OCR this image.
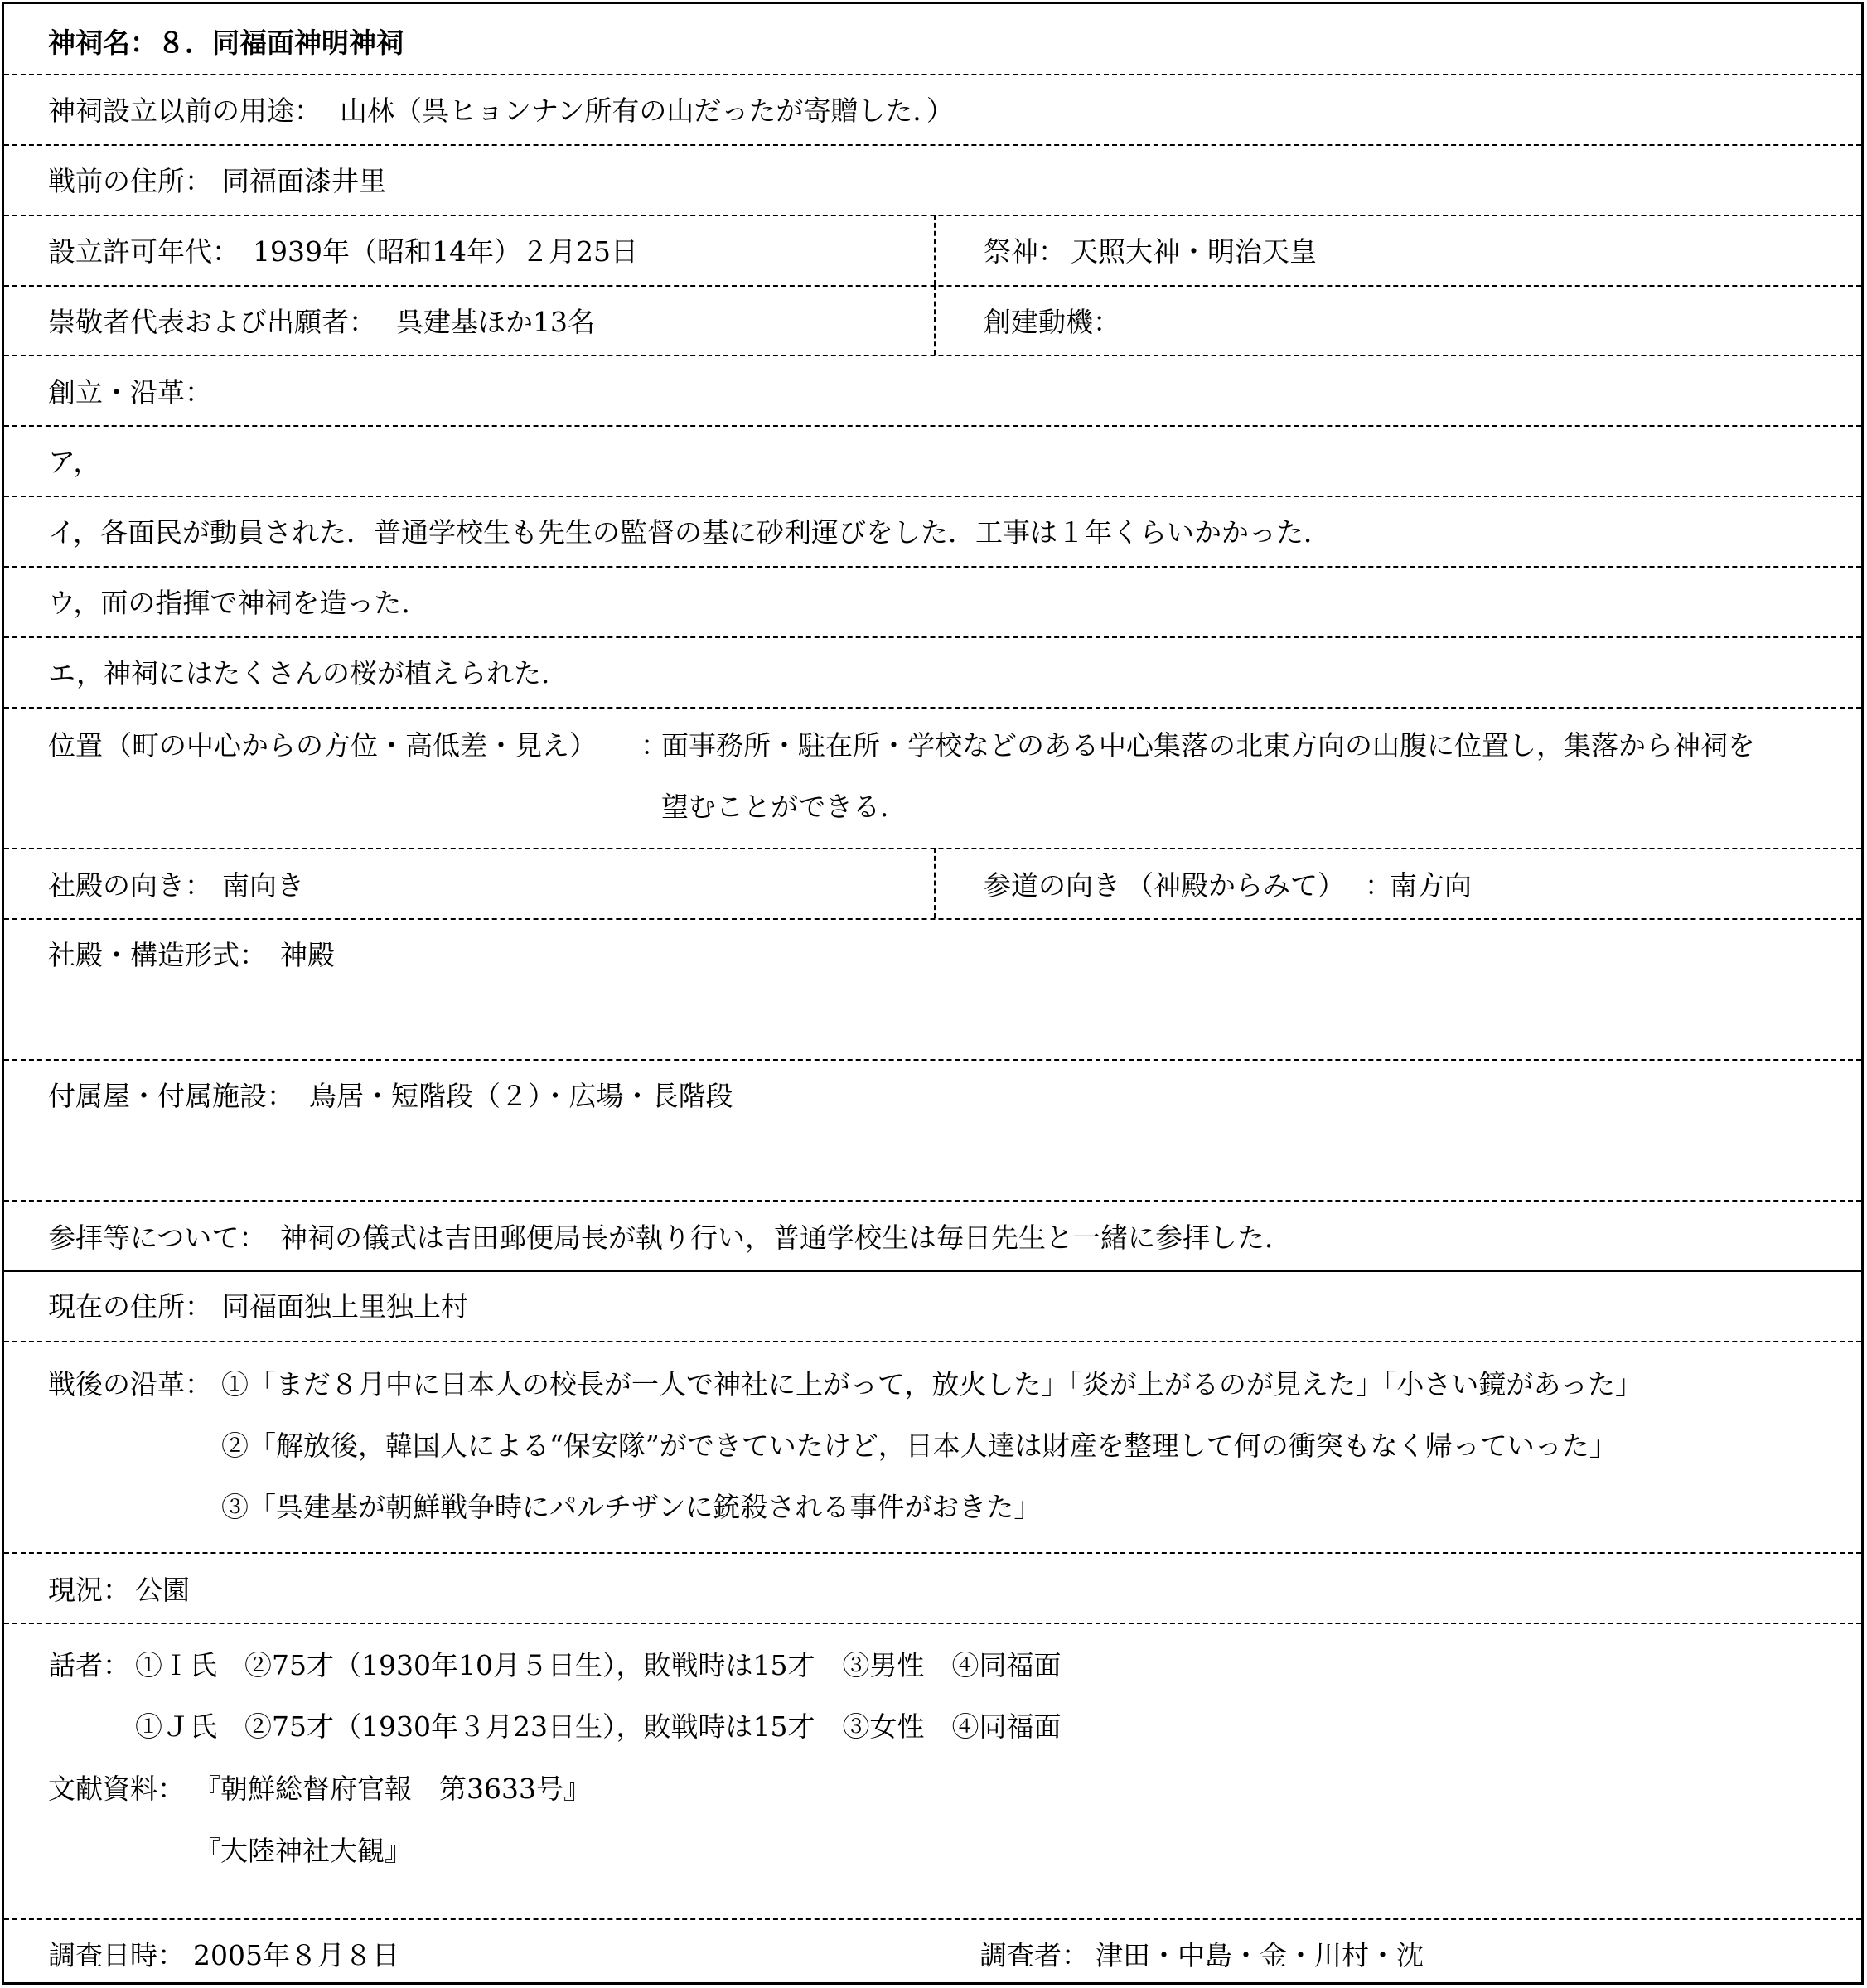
神祠名： ８．同福面神明神祠
神祠設立以前の用途： 山林（呉ヒョンナン所有の山だったが寄贈した．）
戦前の住所： 同福面漆井里
設立許可年代： 1939年（昭和14年）２月25日	祭神： 天照大神・明治天皇
崇敬者代表および出願者： 呉建基ほか13名	創建動機：
創立・沿革：
ア，
イ，各面民が動員された．普通学校生も先生の監督の基に砂利運びをした．工事は１年くらいかかった．
ウ，面の指揮で神祠を造った．
エ，神祠にはたくさんの桜が植えられた．
位置 （町の中心からの方位・高低差・見え） ：
面事務所・駐在所・学校などのある中心集落の北東方向の山腹に位置し，集落から神祠を
望むことができる．
社殿の向き： 南向き	参道の向き （神殿からみて） ：
南方向
社殿・構造形式： 神殿
付属屋・付属施設： 鳥居・短階段（２）・広場・長階段
参拝等について： 神祠の儀式は吉田郵便局長が執り行い，普通学校生は毎日先生と一緒に参拝した．
現在の住所： 同福面独上里独上村
戦後の沿革： ①「まだ８月中に日本人の校長が一人で神社に上がって，放火した」「炎が上がるのが見えた」「小さい鏡があった」
②「解放後，韓国人による“保安隊”ができていたけど，日本人達は財産を整理して何の衝突もなく帰っていった」
③「呉建基が朝鮮戦争時にパルチザンに銃殺される事件がおきた」
現況： 公園
話者： ①Ｉ氏　②75才（1930年10月５日生），敗戦時は15才　③男性　④同福面
①Ｊ氏　②75才（1930年３月23日生），敗戦時は15才　③女性　④同福面
文献資料： 『朝鮮総督府官報　第3633号』
『大陸神社大観』
調査日時： 2005年８月８日	調査者： 津田・中島・金・川村・沈
